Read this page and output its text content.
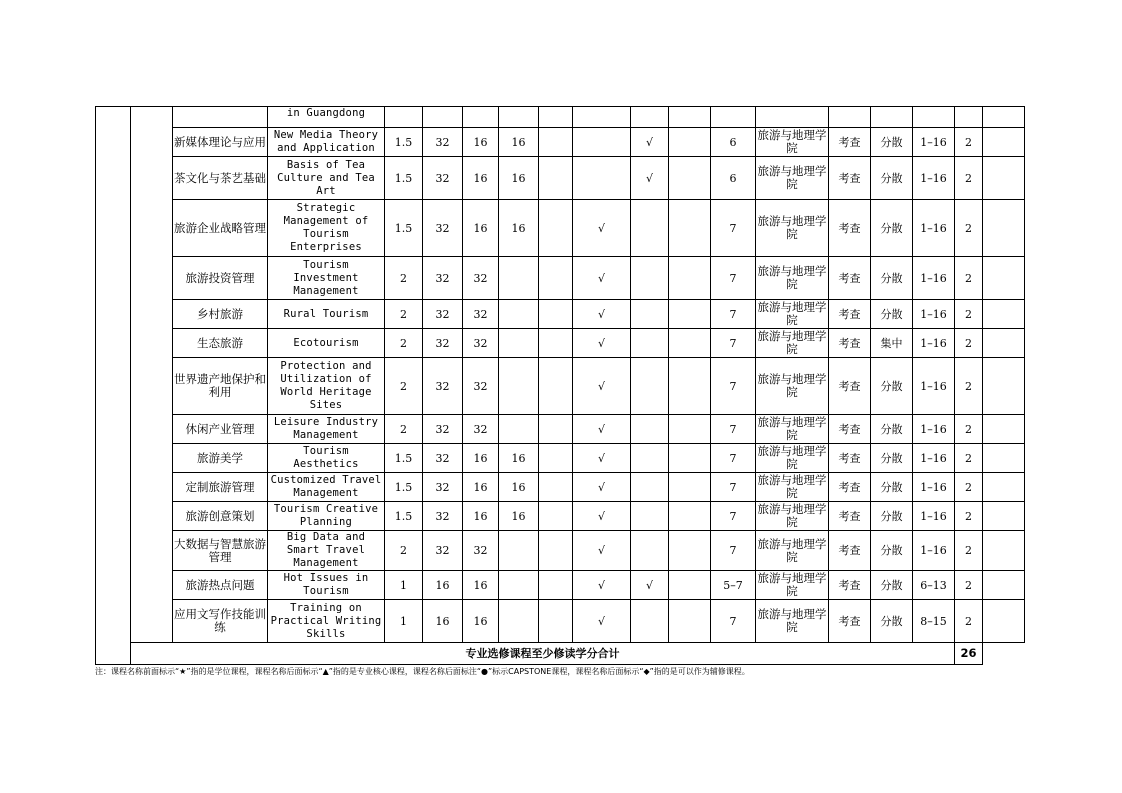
			in Guangdong															
		新媒体理论与应用	New Media Theory and Application	1.5	32	16	16			√		6	旅游与地理学院	考查	分散	1–16	2	
		茶文化与茶艺基础	Basis of Tea Culture and Tea Art	1.5	32	16	16			√		6	旅游与地理学院	考查	分散	1–16	2	
		旅游企业战略管理	Strategic Management of Tourism Enterprises	1.5	32	16	16		√			7	旅游与地理学院	考查	分散	1–16	2	
		旅游投资管理	Tourism Investment Management	2	32	32			√			7	旅游与地理学院	考查	分散	1–16	2	
		乡村旅游	Rural Tourism	2	32	32			√			7	旅游与地理学院	考查	分散	1–16	2	
		生态旅游	Ecotourism	2	32	32			√			7	旅游与地理学院	考查	集中	1–16	2	
		世界遗产地保护和利用	Protection and Utilization of World Heritage Sites	2	32	32			√			7	旅游与地理学院	考查	分散	1–16	2	
		休闲产业管理	Leisure Industry Management	2	32	32			√			7	旅游与地理学院	考查	分散	1–16	2	
		旅游美学	Tourism Aesthetics	1.5	32	16	16		√			7	旅游与地理学院	考查	分散	1–16	2	
		定制旅游管理	Customized Travel Management	1.5	32	16	16		√			7	旅游与地理学院	考查	分散	1–16	2	
		旅游创意策划	Tourism Creative Planning	1.5	32	16	16		√			7	旅游与地理学院	考查	分散	1–16	2	
		大数据与智慧旅游管理	Big Data and Smart Travel Management	2	32	32			√			7	旅游与地理学院	考查	分散	1–16	2	
		旅游热点问题	Hot Issues in Tourism	1	16	16			√	√		5–7	旅游与地理学院	考查	分散	6–13	2	
		应用文写作技能训练	Training on Practical Writing Skills	1	16	16			√			7	旅游与地理学院	考查	分散	8–15	2	
	专业选修课程至少修读学分合计																26	
注：课程名称前面标示“★”指的是学位课程，课程名称后面标示“▲”指的是专业核心课程，课程名称后面标注“●”标示CAPSTONE课程，课程名称后面标示“◆”指的是可以作为辅修课程。
